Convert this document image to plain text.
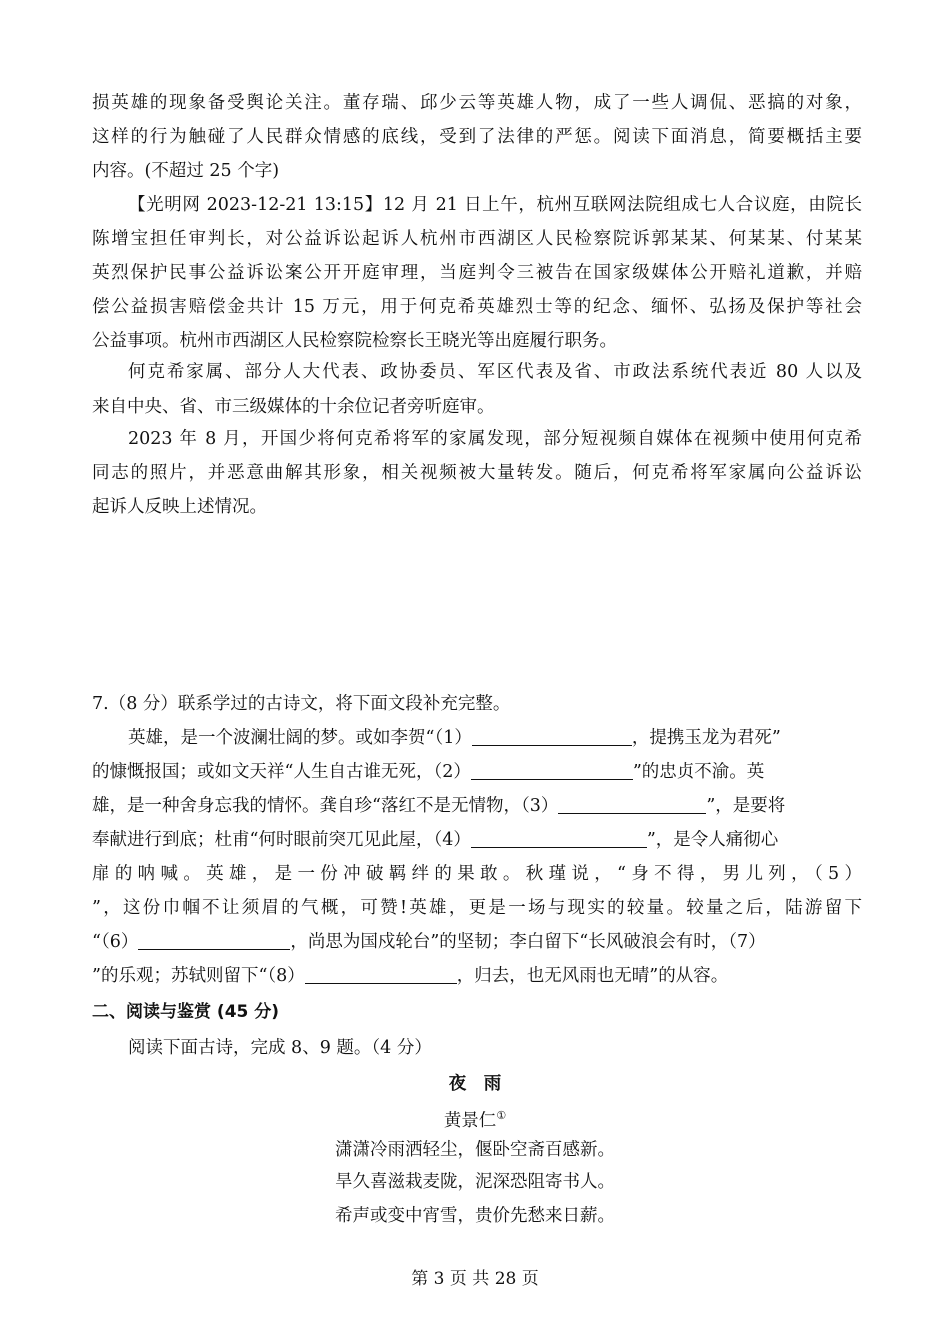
损英雄的现象备受舆论关注。董存瑞、邱少云等英雄人物，成了一些人调侃、恶搞的对象，
这样的行为触碰了人民群众情感的底线，受到了法律的严惩。阅读下面消息，简要概括主要
内容。(不超过 25 个字)
【光明网 2023-12-21 13:15】12 月 21 日上午，杭州互联网法院组成七人合议庭，由院长
陈增宝担任审判长，对公益诉讼起诉人杭州市西湖区人民检察院诉郭某某、何某某、付某某
英烈保护民事公益诉讼案公开开庭审理，当庭判令三被告在国家级媒体公开赔礼道歉，并赔
偿公益损害赔偿金共计 15 万元，用于何克希英雄烈士等的纪念、缅怀、弘扬及保护等社会
公益事项。杭州市西湖区人民检察院检察长王晓光等出庭履行职务。
何克希家属、部分人大代表、政协委员、军区代表及省、市政法系统代表近 80 人以及
来自中央、省、市三级媒体的十余位记者旁听庭审。
2023 年 8 月，开国少将何克希将军的家属发现，部分短视频自媒体在视频中使用何克希
同志的照片，并恶意曲解其形象，相关视频被大量转发。随后，何克希将军家属向公益诉讼
起诉人反映上述情况。
7.（8 分）联系学过的古诗文，将下面文段补充完整。
英雄，是一个波澜壮阔的梦。或如李贺“（1）	，提携玉龙为君死”
的慷慨报国；或如文天祥“人生自古谁无死，（2）	”的忠贞不渝。英
雄，是一种舍身忘我的情怀。龚自珍“落红不是无情物，（3）	”，是要将
奉献进行到底；杜甫“何时眼前突兀见此屋，（4）	”，是令人痛彻心
扉的呐喊。英雄，是一份冲破羁绊的果敢。秋瑾说，“身不得，男儿列，（5）
”，这份巾帼不让须眉的气概，可赞!英雄，更是一场与现实的较量。较量之后，陆游留下
“（6）	，尚思为国戍轮台”的坚韧；李白留下“长风破浪会有时，（7）
”的乐观；苏轼则留下“（8）	，归去，也无风雨也无晴”的从容。
二、阅读与鉴赏 (45 分)
阅读下面古诗，完成 8、9 题。（4 分）
夜　雨
黄景仁①
潇潇冷雨洒轻尘，偃卧空斋百感新。
旱久喜滋栽麦陇，泥深恐阻寄书人。
希声或变中宵雪，贵价先愁来日薪。
第 3 页 共 28 页
